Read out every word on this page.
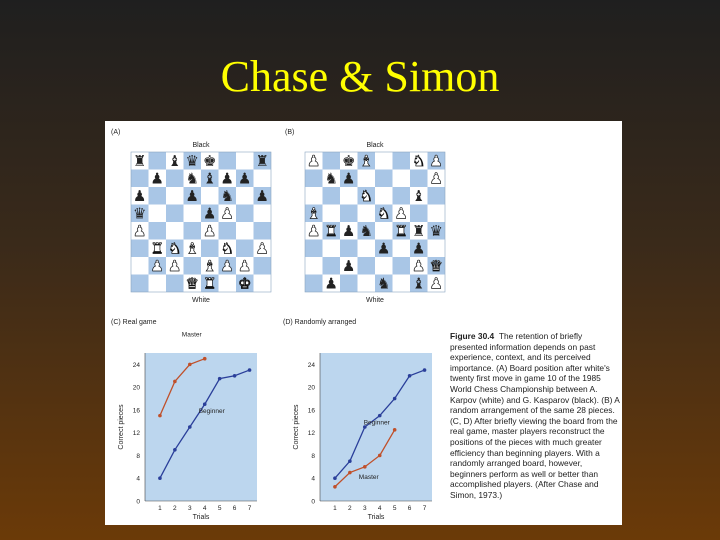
Chase & Simon
(A)
Black
White
♜ ♝ ♛ ♚	♜
♟ ♞ ♝ ♟ ♟
♟	♟ ♞ ♟
♛	♟ ♟
♟	♟
♜ ♞ ♝ ♞ ♟
♟ ♟ ♝ ♟ ♟
♛ ♜ ♚
(B)
Black
White
♟ ♚ ♝	♞ ♟
♞ ♟	♟
♞	♝
♝	♞ ♟
♟ ♜ ♟ ♞ ♜ ♜ ♛
♟ ♟
♟	♟ ♛
♟	♞ ♝ ♟
(C) Real game
0
4
8
12
16
20
24
1 2 3 4 5 6 7
Trials
Correct pieces
Master
Beginner
(D) Randomly arranged
0
4
8
12
16
20
24
1 2 3 4 5 6 7
Trials
Correct pieces	Beginner
Master
Figure 30.4 The retention of briefly presented information depends on past experience, context, and its perceived importance. (A) Board position after white's twenty first move in game 10 of the 1985 World Chess Championship between A. Karpov (white) and G. Kasparov (black). (B) A random arrangement of the same 28 pieces. (C, D) After briefly viewing the board from the real game, master players reconstruct the positions of the pieces with much greater efficiency than beginning players. With a randomly arranged board, however, beginners perform as well or better than accomplished players. (After Chase and Simon, 1973.)
